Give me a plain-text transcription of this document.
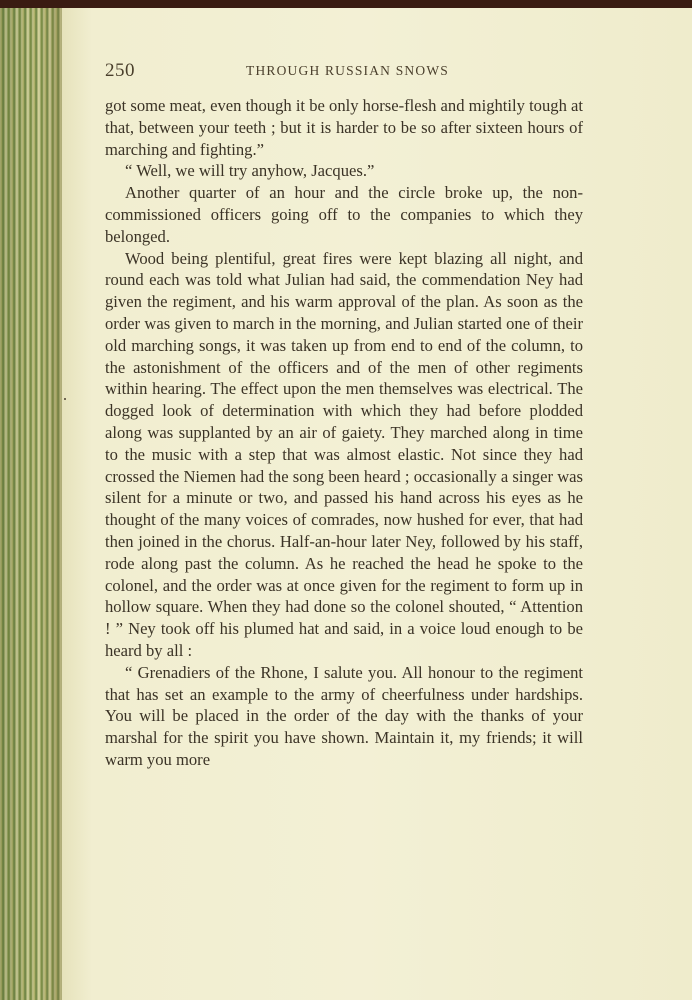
250	THROUGH RUSSIAN SNOWS

got some meat, even though it be only horse-flesh and mightily tough at that, between your teeth ; but it is harder to be so after sixteen hours of marching and fighting.”

“ Well, we will try anyhow, Jacques.”

Another quarter of an hour and the circle broke up, the non-commissioned officers going off to the companies to which they belonged.

Wood being plentiful, great fires were kept blazing all night, and round each was told what Julian had said, the commendation Ney had given the regiment, and his warm approval of the plan. As soon as the order was given to march in the morning, and Julian started one of their old marching songs, it was taken up from end to end of the column, to the astonishment of the officers and of the men of other regiments within hearing. The effect upon the men themselves was electrical. The dogged look of determination with which they had before plodded along was supplanted by an air of gaiety. They marched along in time to the music with a step that was almost elastic. Not since they had crossed the Niemen had the song been heard ; occasionally a singer was silent for a minute or two, and passed his hand across his eyes as he thought of the many voices of comrades, now hushed for ever, that had then joined in the chorus. Half-an-hour later Ney, followed by his staff, rode along past the column. As he reached the head he spoke to the colonel, and the order was at once given for the regiment to form up in hollow square. When they had done so the colonel shouted, “ Attention ! ” Ney took off his plumed hat and said, in a voice loud enough to be heard by all :

“ Grenadiers of the Rhone, I salute you. All honour to the regiment that has set an example to the army of cheerfulness under hardships. You will be placed in the order of the day with the thanks of your marshal for the spirit you have shown. Maintain it, my friends; it will warm you more
